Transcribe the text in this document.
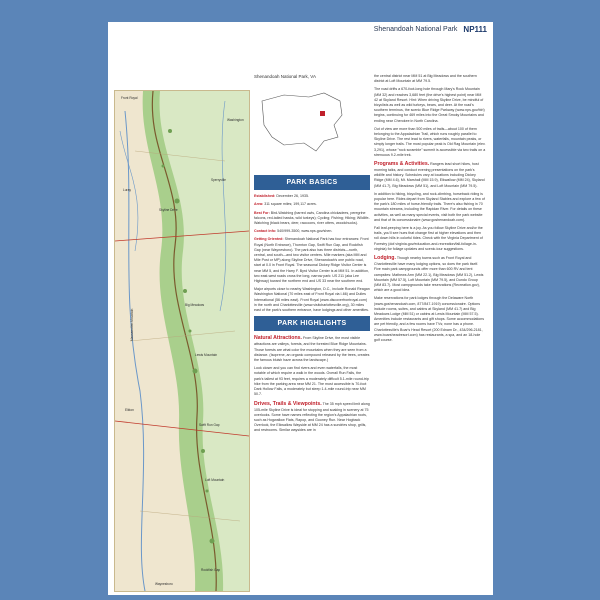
Shenandoah National Park NP111
Front Royal
Skyline Drive
Luray
Sperryville
Elkton
Big Meadows
Lewis Mountain
Swift Run Gap
Loft Mountain
Rockfish Gap
Waynesboro
Massanutten Mountain
Washington
Shenandoah National Park, VA
PARK BASICS

Established: December 26, 1935.

Area: 311 square miles; 199,117 acres.

Best For: Bird-Watching (barred owls, Carolina chickadees, peregrine falcons, red-tailed hawks, wild turkeys); Cycling; Fishing; Hiking; Wildlife-Watching (black bears, deer, raccoons, river otters, woodchucks).

Contact Info: 540/999-3500, www.nps.gov/shen.

Getting Oriented: Shenandoah National Park has four entrances: Front Royal (North Entrance), Thornton Gap, Swift Run Gap, and Rockfish Gap (near Waynesboro). The park also has three districts—north, central, and south—and two visitor centers. Mile markers (aka MM and Mile Post or MP) along Skyline Drive, Shenandoah's one public road, start at 0.0 in Front Royal. The seasonal Dickey Ridge Visitor Center is near MM 5, and the Harry F. Byrd Visitor Center is at MM 51. In addition, two east-west roads cross the long, narrow park: US 211 (aka Lee Highway) toward the northern end and US 33 near the southern end.

Major airports close to nearby Washington, D.C., include Ronald Reagan Washington National (70 miles east of Front Royal via I-66) and Dulles International (56 miles east). Front Royal (www.discoverfrontroyal.com) in the north and Charlottesville (www.visitcharlottesville.org), 30 miles east of the park's southern entrance, have lodgings and other amenities.

PARK HIGHLIGHTS

Natural Attractions. From Skyline Drive, the most visible attractions are valleys, forests, and the forested Blue Ridge Mountains. Those forests are what color the mountains when they are seen from a distance. (Isoprene, an organic compound released by the trees, creates the famous bluish haze across the landscape.)

Look closer and you can find rivers and even waterfalls, the most notable of which require a walk in the woods. Overall Run Falls, the park's tallest at 93 feet, requires a moderately difficult 5.1-mile round-trip hike from the parking area near MM 21. The most accessible is 70-foot Dark Hollow Falls, a moderately but steep 1.4-mile round-trip near MM 50.7.

Drives, Trails & Viewpoints. The 35 mph speed limit along 105-mile Skyline Drive is ideal for stopping and soaking in scenery at 75 overlooks. Some have names reflecting the region's Appalachian roots, such as Hogwallow Flats, Rapop, and Gooney Run. Near Hogback Overlook, the Elkwallow Wayside at MM 24 has a sundries shop, grills, and restrooms. Similar waysides are in

the central district near MM 51 at Big Meadows and the southern district at Loft Mountain at MM 79.5.

The road drifts a 670-foot-long hole through Mary's Rock Mountain (MM 32) and reaches 3,680 feet (the drive's highest point) near MM 42 at Skyland Resort. Hint: When driving Skyline Drive, be mindful of bicyclists as well as wild turkeys, bears, and deer. At the road's southern terminus, the scenic Blue Ridge Parkway (www.nps.gov/blri) begins, continuing for 469 miles into the Great Smoky Mountains and ending near Cherokee in North Carolina.

Out of view are more than 500 miles of trails—about 100 of them belonging to the Appalachian Trail, which runs roughly parallel to Skyline Drive. The rest lead to rivers, waterfalls, mountain peaks, or simply longer trails. The most popular peak is Old Rag Mountain (elev. 3,291), whose "rock scramble" summit is accessible via two trails on a strenuous 9.2-mile trek.

Programs & Activities. Rangers lead short hikes, host morning talks, and conduct evening presentations on the park's wildlife and history. Schedules vary at locations including Dickey Ridge (MM 4.6), Mt. Marshall (MM 15.9), Elkwallow (MM 24), Skyland (MM 41.7), Big Meadows (MM 51), and Loft Mountain (MM 79.5).

In addition to hiking, bicycling, and rock-climbing, horseback riding is popular here. Rides depart from Skyland Stables and explore a few of the park's 180 miles of horse-friendly trails. There's also fishing in 70 mountain streams, including the Rapidan River. For details on these activities, as well as many special events, visit both the park website and that of its concessionaire (www.goshenandoah.com).

Fall leaf-peeping here is a joy. As you follow Skyline Drive and/or the trails, you'll see hues that change first at higher elevations and then roll down hills in colorful tides. Check with the Virginia Department of Forestry (dof.virginia.gov/education-and-recreation/fall-foliage-in-virginia) for foliage updates and scenic-tour suggestions.

Lodging. Though nearby towns such as Front Royal and Charlottesville have many lodging options, so does the park itself. Five main park campgrounds offer more than 600 RV and tent campsites: Mathews Arm (MM 22.1), Big Meadows (MM 51.2), Lewis Mountain (MM 57.5), Loft Mountain (MM 79.5), and Dundo Group (MM 83.7). Most campgrounds take reservations (Recreation.gov), which are a good idea.

Make reservations for park lodges through the Delaware North (www.goshenandoah.com, 877/847-1919) concessionaire. Options include rooms, suites, and cabins at Skyland (MM 41.7) and Big Meadows Lodge (MM 51) or cabins at Lewis Mountain (MM 57.5). Amenities include restaurants and gift shops. Some accommodations are pet friendly, and a few rooms have TVs; none has a phone. Charlottesville's Boar's Head Resort (200 Ednam Dr., 434/296-2181, www.boarsheadresort.com) has restaurants, a spa, and an 18-hole golf course.
